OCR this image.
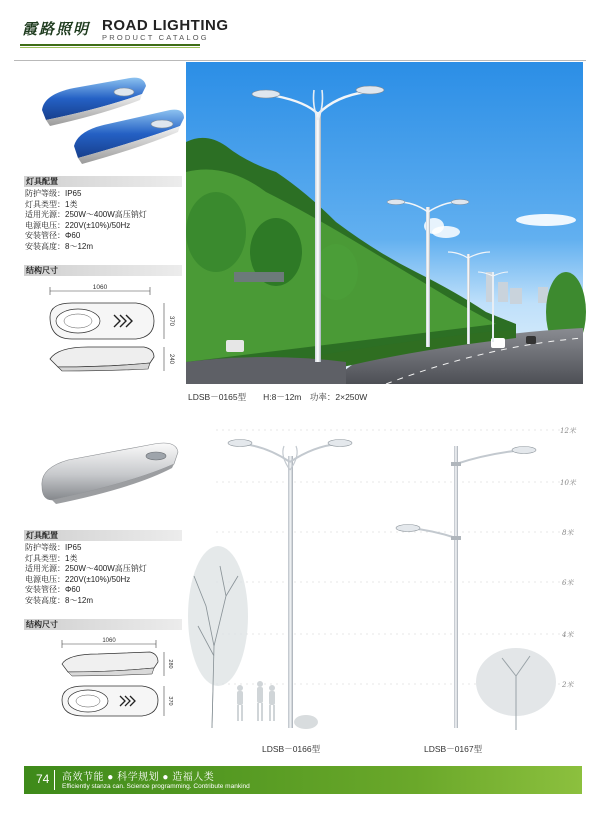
霞路照明 ROAD LIGHTING
PRODUCT CATALOG
灯具配置
防护等级：IP65
灯具类型：1类
适用光源：250W～400W高压钠灯
电源电压：220V(±10%)/50Hz
安装管径：Φ60
安装高度：8～12m
结构尺寸
1060
370
240
LDSB－0165型　　H:8－12m　功率：2×250W
灯具配置
防护等级：IP65
灯具类型：1类
适用光源：250W～400W高压钠灯
电源电压：220V(±10%)/50Hz
安装管径：Φ60
安装高度：8～12m
结构尺寸
1060
280
370
12米
10米
8米
6米
4米
2米
LDSB－0166型	LDSB－0167型
74 高效节能 ● 科学规划 ● 造福人类
Efficiently stanza can. Science programming. Contribute mankind
